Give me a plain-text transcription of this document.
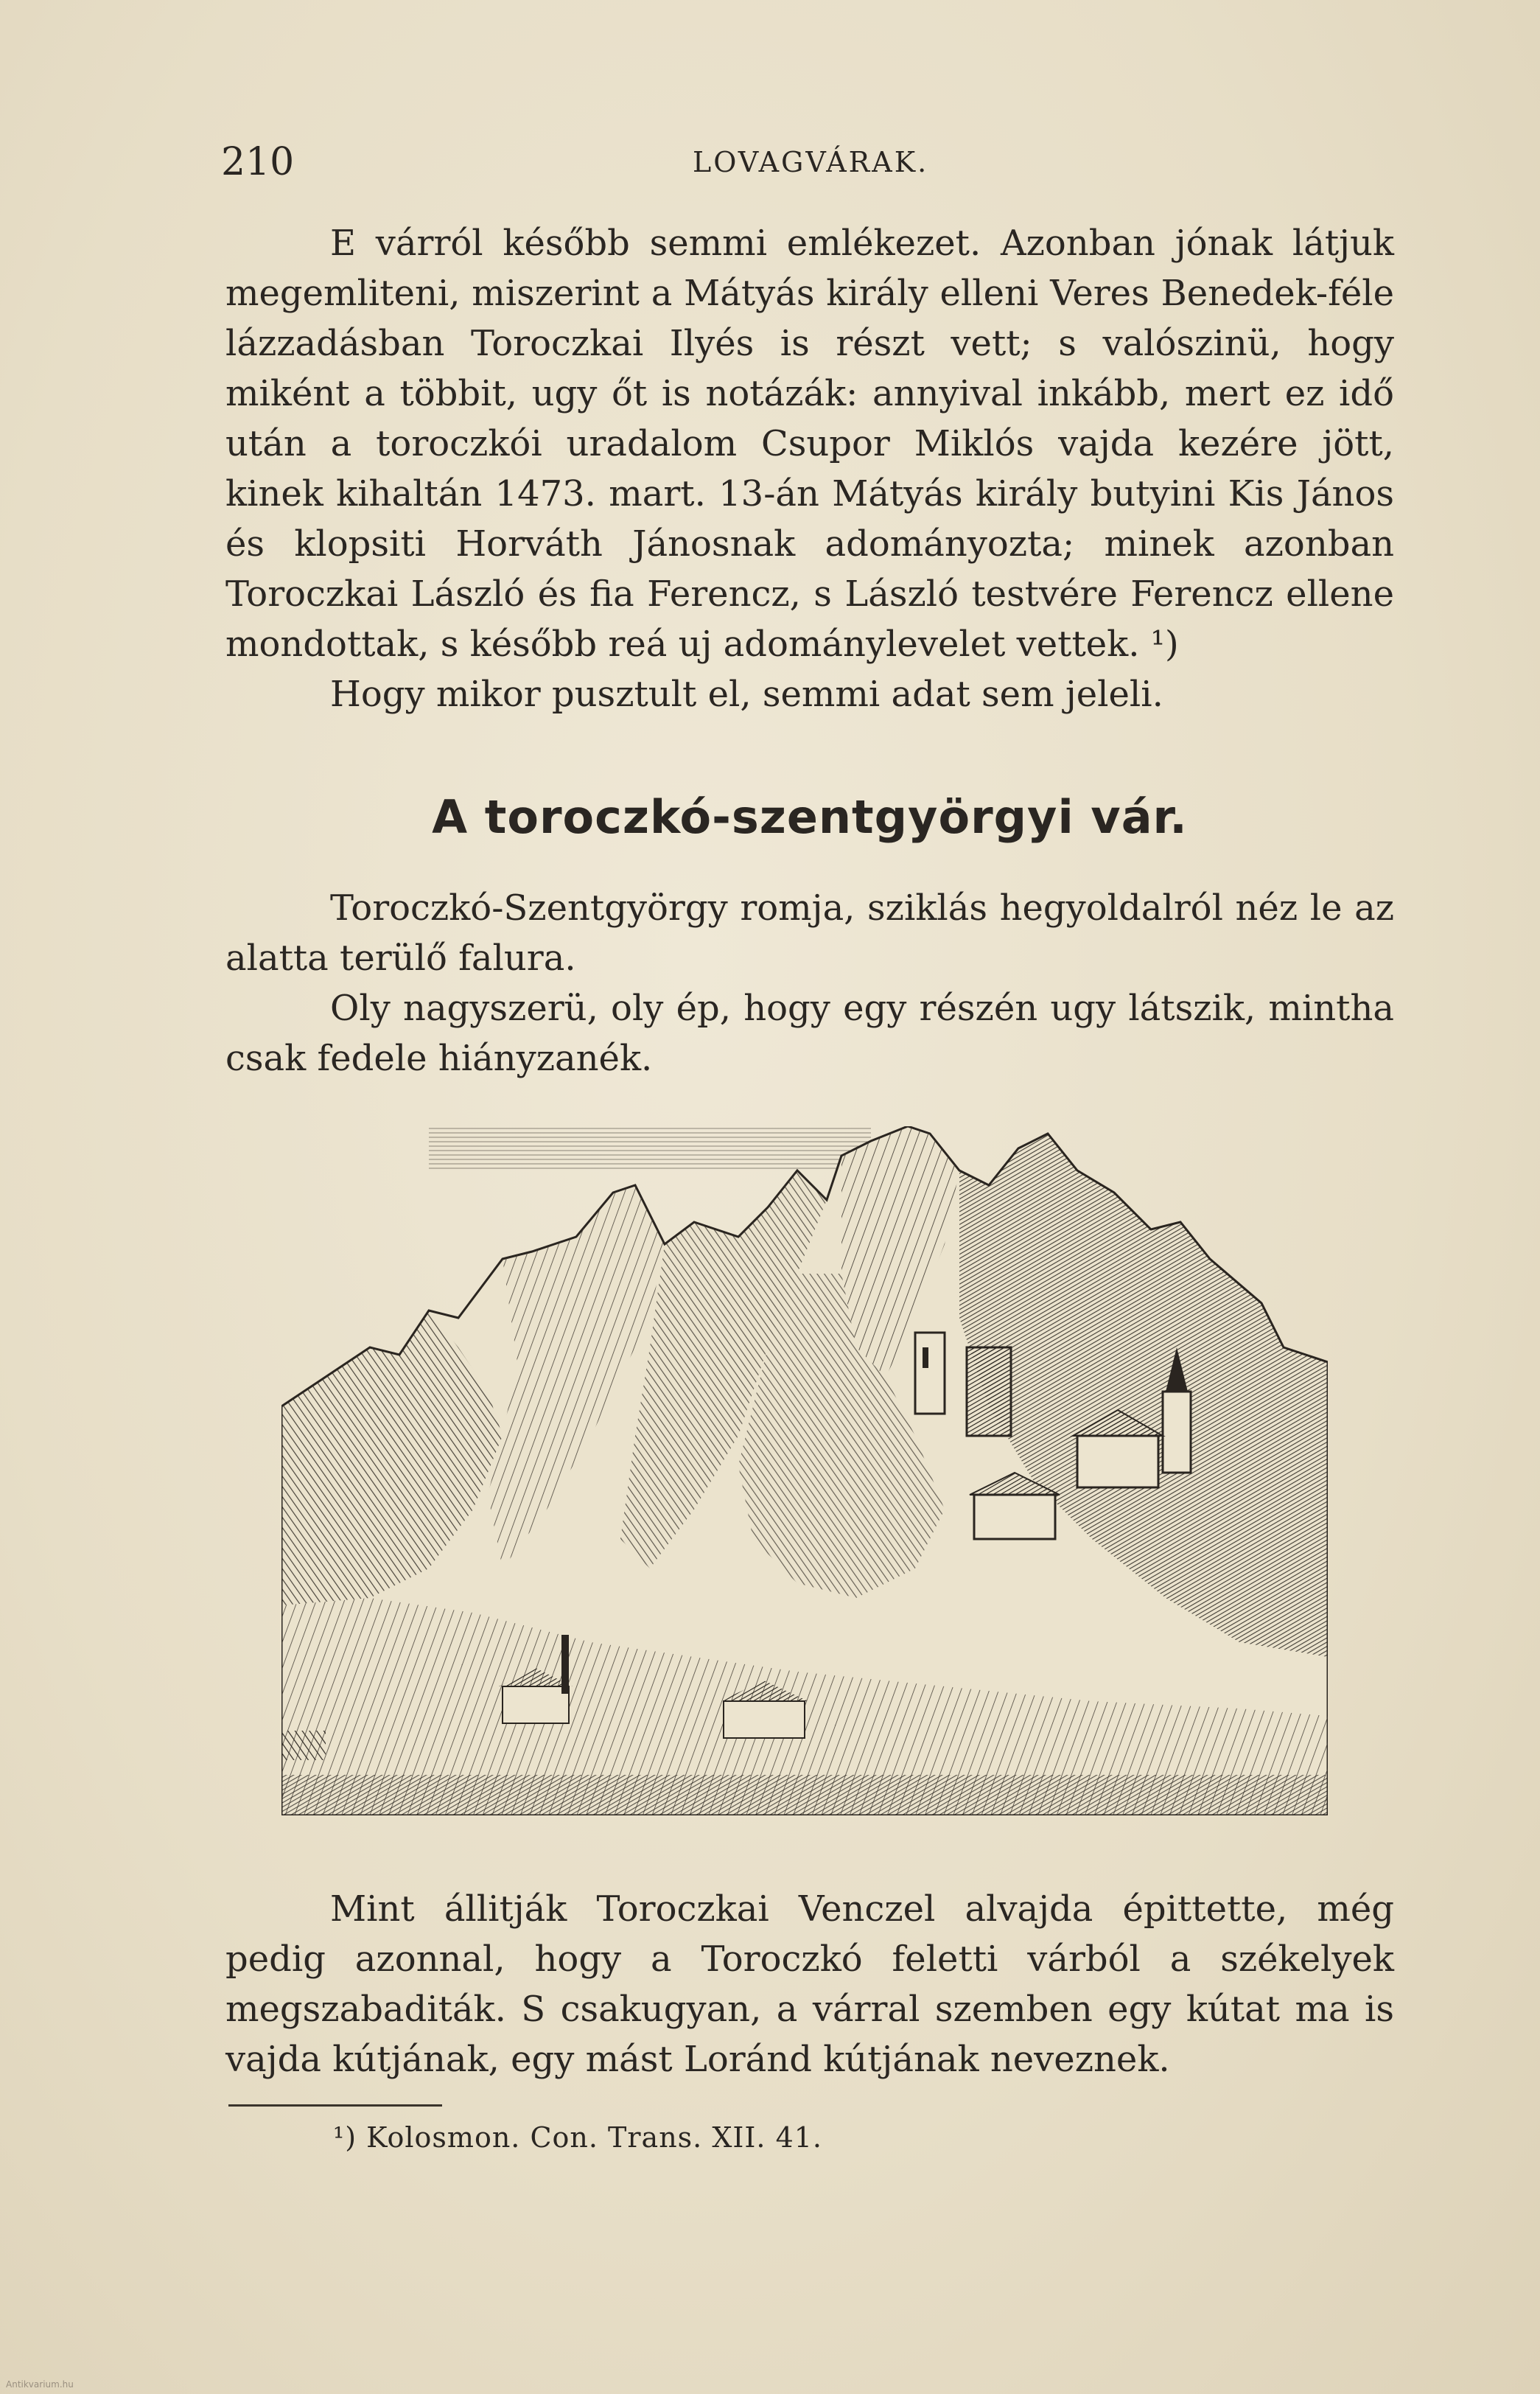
210	LOVAGVÁRAK.

E várról később semmi emlékezet. Azonban jónak látjuk megemliteni, miszerint a Mátyás király elleni Veres Benedek-féle lázzadásban Toroczkai Ilyés is részt vett; s valószinü, hogy miként a többit, ugy őt is notázák: annyival inkább, mert ez idő után a toroczkói uradalom Csupor Miklós vajda kezére jött, kinek kihaltán 1473. mart. 13-án Mátyás király butyini Kis János és klopsiti Horváth Jánosnak adományozta; minek azonban Toroczkai László és fia Ferencz, s László testvére Ferencz ellene mondottak, s később reá uj adománylevelet vettek. ¹)

Hogy mikor pusztult el, semmi adat sem jeleli.

A toroczkó-szentgyörgyi vár.

Toroczkó-Szentgyörgy romja, sziklás hegyoldalról néz le az alatta terülő falura.

Oly nagyszerü, oly ép, hogy egy részén ugy látszik, mintha csak fedele hiányzanék.

Mint állitják Toroczkai Venczel alvajda épittette, még pedig azonnal, hogy a Toroczkó feletti várból a székelyek megszabaditák. S csakugyan, a várral szemben egy kútat ma is vajda kútjának, egy mást Loránd kútjának neveznek.

¹) Kolosmon. Con. Trans. XII. 41.
Antikvarium.hu
